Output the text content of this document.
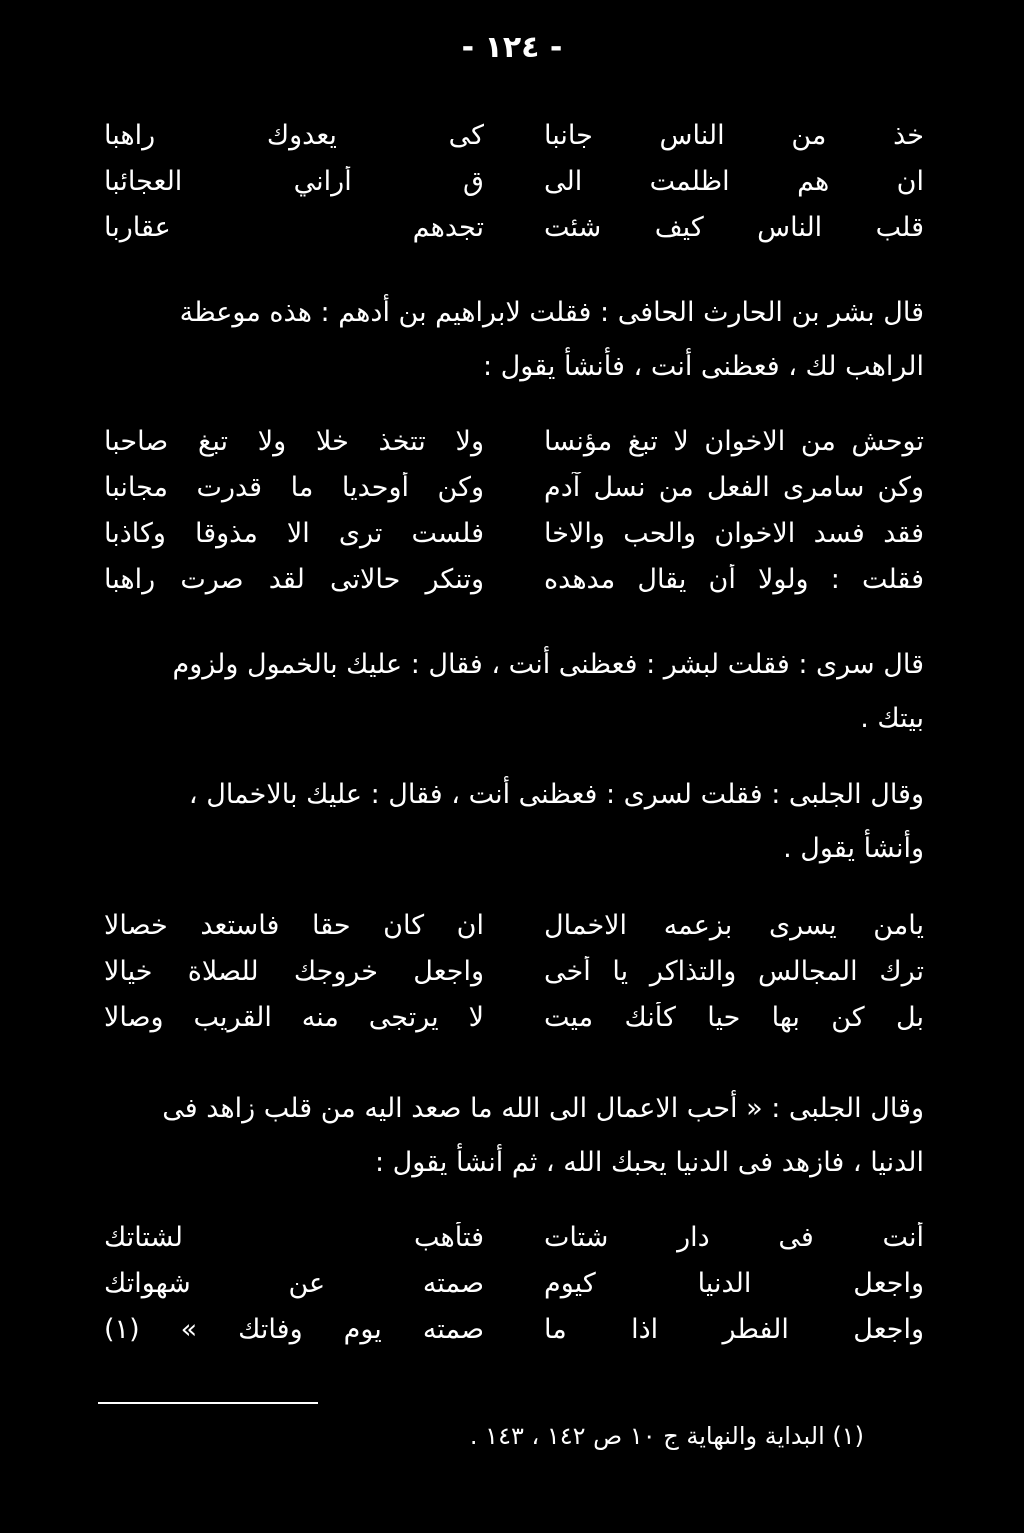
- ١٢٤ -
خذ من الناس جانبا
كى يعدوك راهبا
ان هم اظلمت الى
ق أراني العجائبا
قلب الناس كيف شئت
تجدهم عقاربا
قال بشر بن الحارث الحافى : فقلت لابراهيم بن أدهم : هذه موعظة
الراهب لك ، فعظنى أنت ، فأنشأ يقول :
توحش من الاخوان لا تبغ مؤنسا
ولا تتخذ خلا ولا تبغ صاحبا
وكن سامرى الفعل من نسل آدم
وكن أوحديا ما قدرت مجانبا
فقد فسد الاخوان والحب والاخا
فلست ترى الا مذوقا وكاذبا
فقلت : ولولا أن يقال مدهده
وتنكر حالاتى لقد صرت راهبا
قال سرى : فقلت لبشر : فعظنى أنت ، فقال : عليك بالخمول ولزوم
بيتك .
وقال الجلبى : فقلت لسرى : فعظنى أنت ، فقال : عليك بالاخمال ،
وأنشأ يقول .
يامن يسرى بزعمه الاخمال
ان كان حقا فاستعد خصالا
ترك المجالس والتذاكر يا أخى
واجعل خروجك للصلاة خيالا
بل كن بها حيا كأنك ميت
لا يرتجى منه القريب وصالا
وقال الجلبى : « أحب الاعمال الى الله ما صعد اليه من قلب زاهد فى
الدنيا ، فازهد فى الدنيا يحبك الله ، ثم أنشأ يقول :
أنت فى دار شتات
فتأهب لشتاتك
واجعل الدنيا كيوم
صمته عن شهواتك
واجعل الفطر اذا ما
صمته يوم وفاتك » (١)
(١) البداية والنهاية ج ١٠ ص ١٤٢ ، ١٤٣ .
